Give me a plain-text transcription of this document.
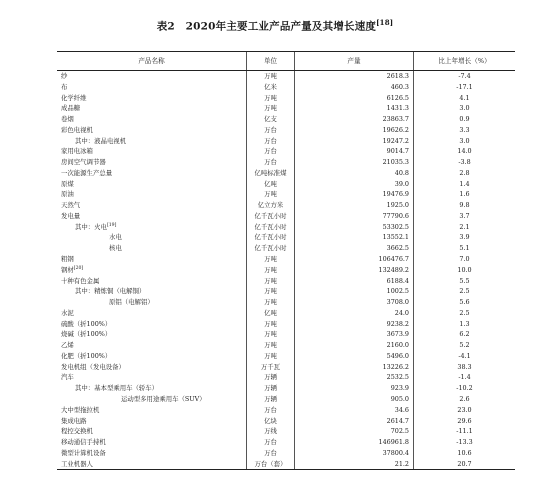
表2　2020年主要工业产品产量及其增长速度[18]
产品名称	单位	产量	比上年增长（%）
纱	万吨	2618.3	-7.4
布	亿米	460.3	-17.1
化学纤维	万吨	6126.5	4.1
成品糖	万吨	1431.3	3.0
卷烟	亿支	23863.7	0.9
彩色电视机	万台	19626.2	3.3
其中：液晶电视机	万台	19247.2	3.0
家用电冰箱	万台	9014.7	14.0
房间空气调节器	万台	21035.3	-3.8
一次能源生产总量	亿吨标准煤	40.8	2.8
原煤	亿吨	39.0	1.4
原油	万吨	19476.9	1.6
天然气	亿立方米	1925.0	9.8
发电量	亿千瓦小时	77790.6	3.7
其中：火电[19]	亿千瓦小时	53302.5	2.1
水电	亿千瓦小时	13552.1	3.9
核电	亿千瓦小时	3662.5	5.1
粗钢	万吨	106476.7	7.0
钢材[20]	万吨	132489.2	10.0
十种有色金属	万吨	6188.4	5.5
其中：精炼铜（电解铜）	万吨	1002.5	2.5
原铝（电解铝）	万吨	3708.0	5.6
水泥	亿吨	24.0	2.5
硫酸（折100%）	万吨	9238.2	1.3
烧碱（折100%）	万吨	3673.9	6.2
乙烯	万吨	2160.0	5.2
化肥（折100%）	万吨	5496.0	-4.1
发电机组（发电设备）	万千瓦	13226.2	38.3
汽车	万辆	2532.5	-1.4
其中：基本型乘用车（轿车）	万辆	923.9	-10.2
运动型多用途乘用车（SUV）	万辆	905.0	2.6
大中型拖拉机	万台	34.6	23.0
集成电路	亿块	2614.7	29.6
程控交换机	万线	702.5	-11.1
移动通信手持机	万台	146961.8	-13.3
微型计算机设备	万台	37800.4	10.6
工业机器人	万台（套）	21.2	20.7
